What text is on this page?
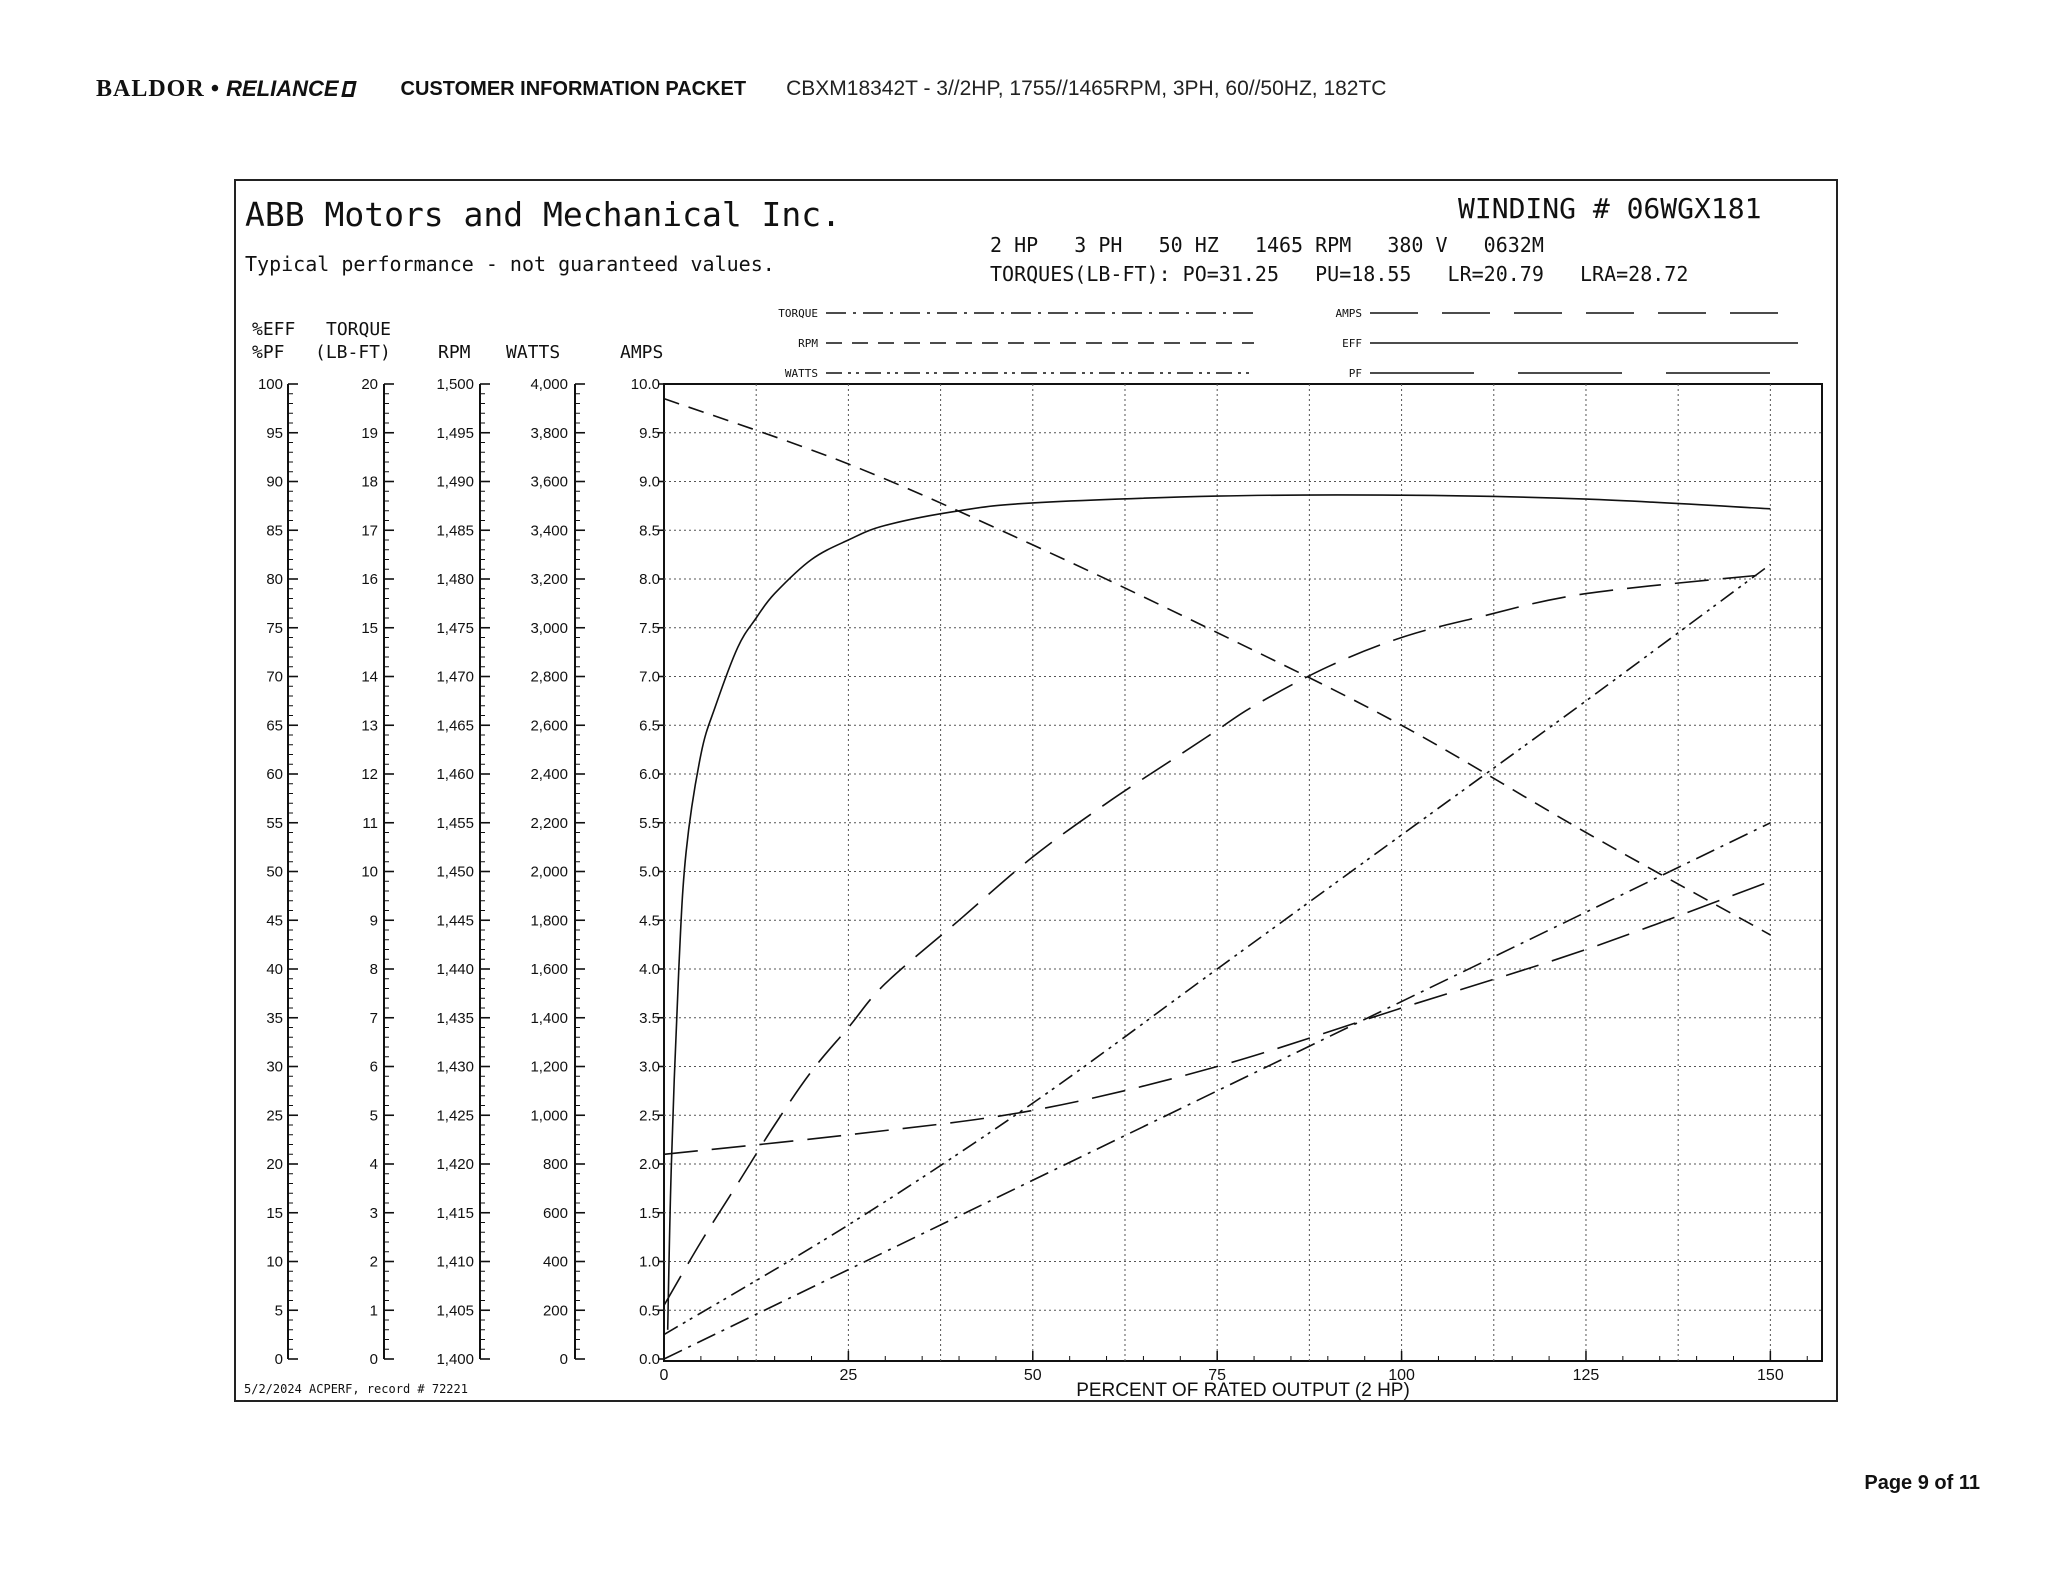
BALDOR • RELIANCE	CUSTOMER INFORMATION PACKET CBXM18342T - 3//2HP, 1755//1465RPM, 3PH, 60//50HZ, 182TC
ABB Motors and Mechanical Inc.
Typical performance - not guaranteed values.
WINDING # 06WGX181
2 HP   3 PH   50 HZ   1465 RPM   380 V   0632M
TORQUES(LB-FT): PO=31.25   PU=18.55   LR=20.79   LRA=28.72
5/2/2024 ACPERF, record # 72221
%EFF
%PF
TORQUE
(LB-FT)	RPM WATTS	AMPS
TORQUE
RPM
WATTS
AMPS
EFF
PF
100
95
90
85
80
75
70
65
60
55
50
45
40
35
30
25
20
15
10
5
0
20
19
18
17
16
15
14
13
12
11
10
9
8
7
6
5
4
3
2
1
0
1,500
1,495
1,490
1,485
1,480
1,475
1,470
1,465
1,460
1,455
1,450
1,445
1,440
1,435
1,430
1,425
1,420
1,415
1,410
1,405
1,400
4,000
3,800
3,600
3,400
3,200
3,000
2,800
2,600
2,400
2,200
2,000
1,800
1,600
1,400
1,200
1,000
800
600
400
200
0
10.0
9.5
9.0
8.5
8.0
7.5
7.0
6.5
6.0
5.5
5.0
4.5
4.0
3.5
3.0
2.5
2.0
1.5
1.0
0.5
0.0
0	25	50	75	100	125	150
PERCENT OF RATED OUTPUT (2 HP)
Page 9 of 11
